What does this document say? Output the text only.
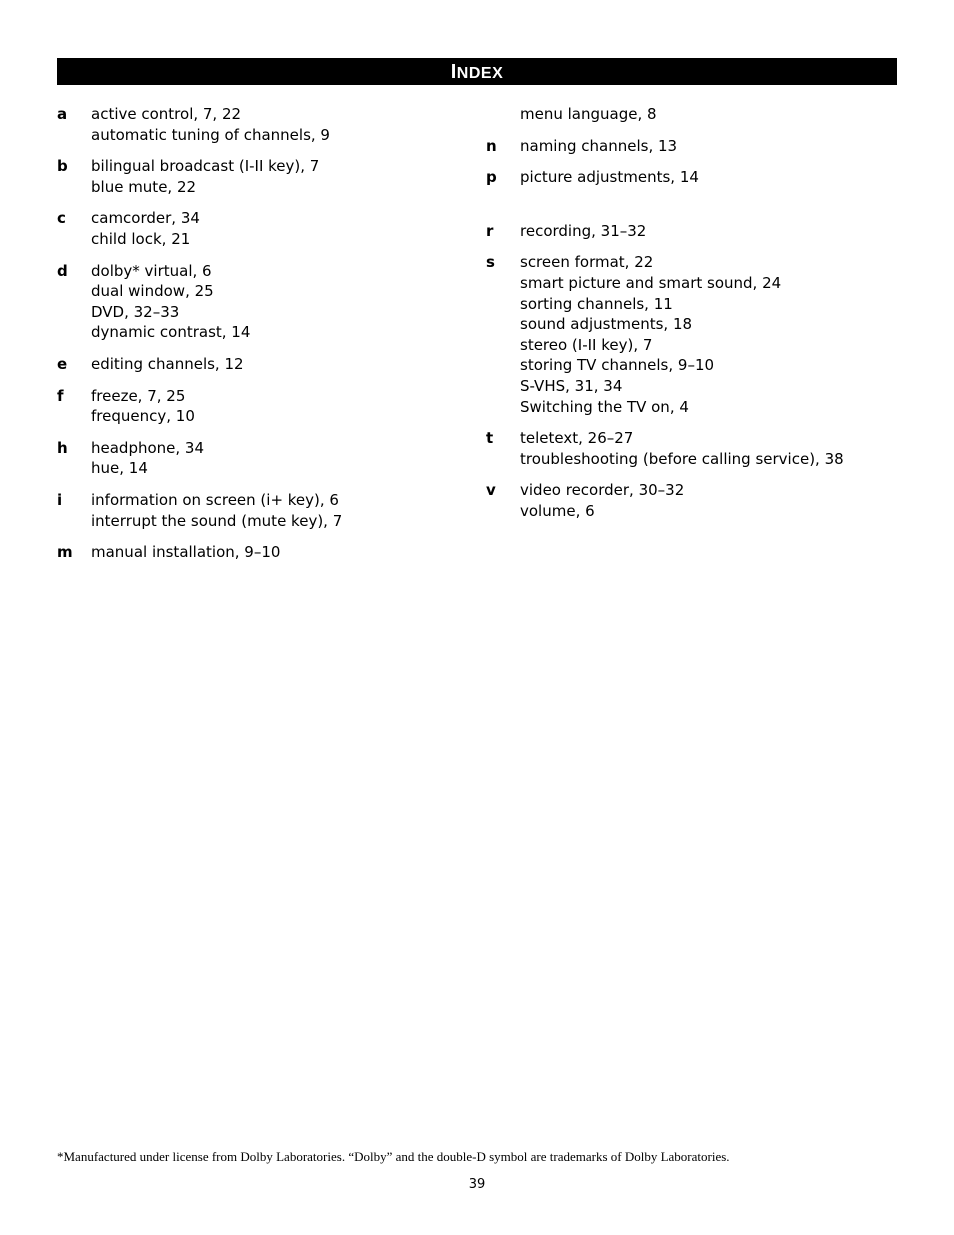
INDEX
a	active control, 7, 22
automatic tuning of channels, 9
b	bilingual broadcast (I-II key), 7
blue mute, 22
c	camcorder, 34
child lock, 21
d	dolby* virtual, 6
dual window, 25
DVD, 32–33
dynamic contrast, 14
e	editing channels, 12
f	freeze, 7, 25
frequency, 10
h	headphone, 34
hue, 14
i	information on screen (i+ key), 6
interrupt the sound (mute key), 7
m	manual installation, 9–10
menu language, 8
n	naming channels, 13
p	picture adjustments, 14
r	recording, 31–32
s	screen format, 22
smart picture and smart sound, 24
sorting channels, 11
sound adjustments, 18
stereo (I-II key), 7
storing TV channels, 9–10
S-VHS, 31, 34
Switching the TV on, 4
t	teletext, 26–27
troubleshooting (before calling service), 38
v	video recorder, 30–32
volume, 6
*Manufactured under license from Dolby Laboratories. “Dolby” and the double-D symbol are trademarks of Dolby Laboratories.
39
